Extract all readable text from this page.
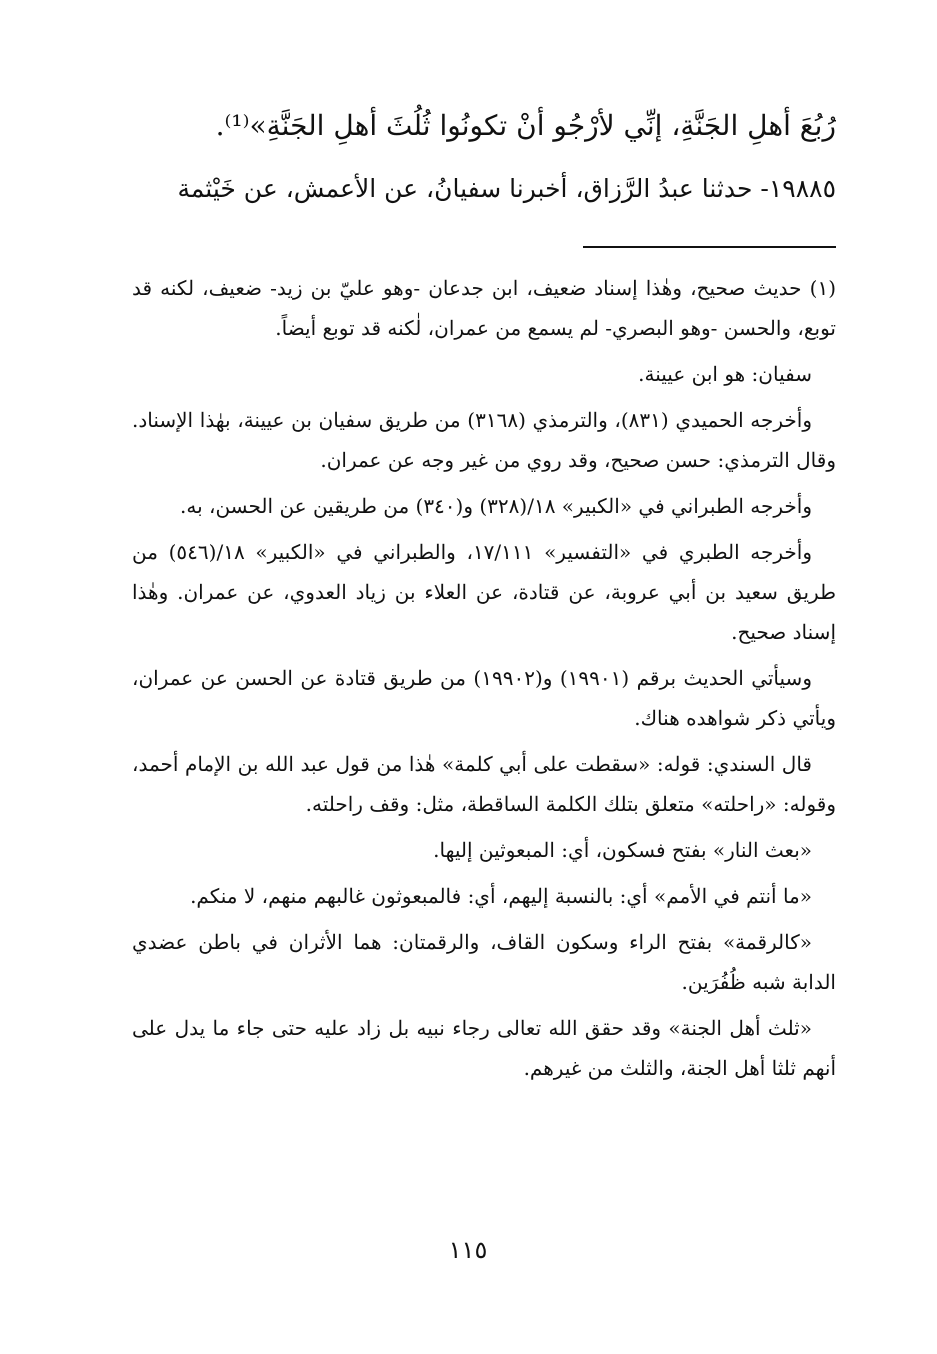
رُبُعَ أهلِ الجَنَّةِ، إنِّي لأرْجُو أنْ تكونُوا ثُلُثَ أهلِ الجَنَّةِ»⁽¹⁾.
١٩٨٨٥- حدثنا عبدُ الرَّزاق، أخبرنا سفيانُ، عن الأعمش، عن خَيْثمة

(١) حديث صحيح، وهٰذا إسناد ضعيف، ابن جدعان -وهو عليّ بن زيد- ضعيف، لكنه قد توبع، والحسن -وهو البصري- لم يسمع من عمران، لٰكنه قد توبع أيضاً.

سفيان: هو ابن عيينة.

وأخرجه الحميدي (٨٣١)، والترمذي (٣١٦٨) من طريق سفيان بن عيينة، بهٰذا الإسناد. وقال الترمذي: حسن صحيح، وقد روي من غير وجه عن عمران.

وأخرجه الطبراني في «الكبير» ١٨/(٣٢٨) و(٣٤٠) من طريقين عن الحسن، به.

وأخرجه الطبري في «التفسير» ١٧/١١١، والطبراني في «الكبير» ١٨/(٥٤٦) من طريق سعيد بن أبي عروبة، عن قتادة، عن العلاء بن زياد العدوي، عن عمران. وهٰذا إسناد صحيح.

وسيأتي الحديث برقم (١٩٩٠١) و(١٩٩٠٢) من طريق قتادة عن الحسن عن عمران، ويأتي ذكر شواهده هناك.

قال السندي: قوله: «سقطت على أبي كلمة» هٰذا من قول عبد الله بن الإمام أحمد، وقوله: «راحلته» متعلق بتلك الكلمة الساقطة، مثل: وقف راحلته.

«بعث النار» بفتح فسكون، أي: المبعوثين إليها.

«ما أنتم في الأمم» أي: بالنسبة إليهم، أي: فالمبعوثون غالبهم منهم، لا منكم.

«كالرقمة» بفتح الراء وسكون القاف، والرقمتان: هما الأثران في باطن عضدي الدابة شبه ظُفُرَين.

«ثلث أهل الجنة» وقد حقق الله تعالى رجاء نبيه بل زاد عليه حتى جاء ما يدل على أنهم ثلثا أهل الجنة، والثلث من غيرهم.

١١٥
